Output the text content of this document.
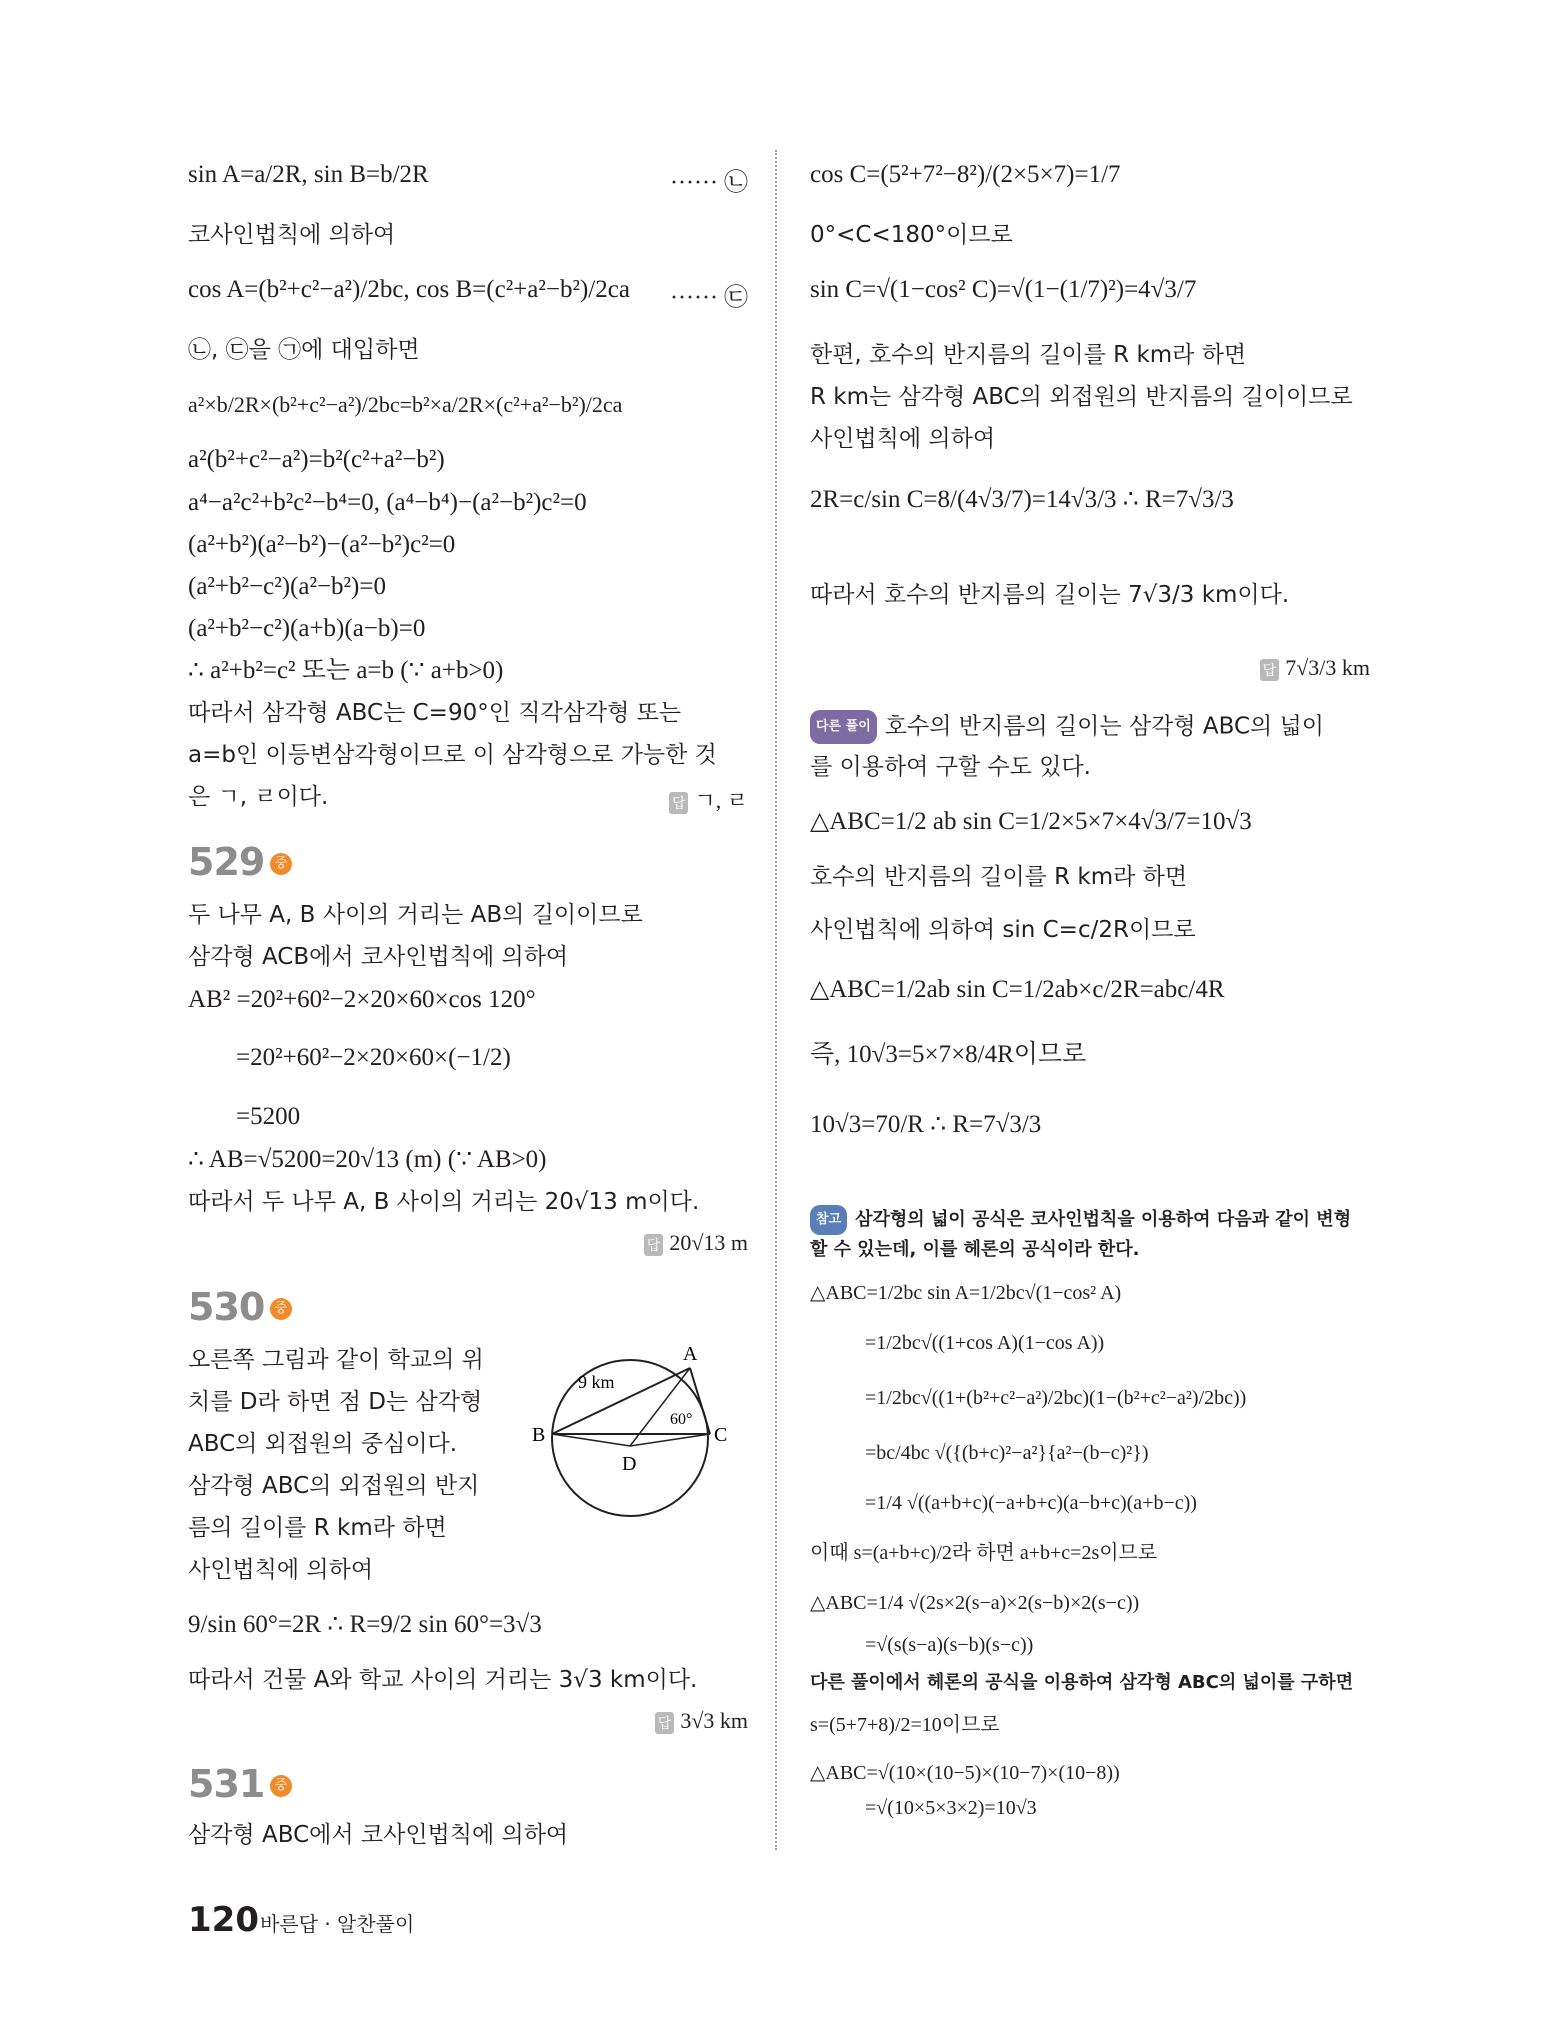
sin A=a/2R, sin B=b/2R	······ ㉡
코사인법칙에 의하여
cos A=(b²+c²−a²)/2bc, cos B=(c²+a²−b²)/2ca ······ ㉢
㉡, ㉢을 ㉠에 대입하면
a²×b/2R×(b²+c²−a²)/2bc=b²×a/2R×(c²+a²−b²)/2ca
a²(b²+c²−a²)=b²(c²+a²−b²)
a⁴−a²c²+b²c²−b⁴=0, (a⁴−b⁴)−(a²−b²)c²=0
(a²+b²)(a²−b²)−(a²−b²)c²=0
(a²+b²−c²)(a²−b²)=0
(a²+b²−c²)(a+b)(a−b)=0
∴ a²+b²=c² 또는 a=b (∵ a+b>0)
따라서 삼각형 ABC는 C=90°인 직각삼각형 또는
a=b인 이등변삼각형이므로 이 삼각형으로 가능한 것
은 ㄱ, ㄹ이다.	답 ㄱ, ㄹ
529 중
두 나무 A, B 사이의 거리는 AB의 길이이므로
삼각형 ACB에서 코사인법칙에 의하여
AB² =20²+60²−2×20×60×cos 120°
=20²+60²−2×20×60×(−1/2)
=5200
∴ AB=√5200=20√13 (m) (∵ AB>0)
따라서 두 나무 A, B 사이의 거리는 20√13 m이다.
답 20√13 m
530 중
오른쪽 그림과 같이 학교의 위
치를 D라 하면 점 D는 삼각형
ABC의 외접원의 중심이다.
삼각형 ABC의 외접원의 반지
름의 길이를 R km라 하면
사인법칙에 의하여
9/sin 60°=2R ∴ R=9/2 sin 60°=3√3
따라서 건물 A와 학교 사이의 거리는 3√3 km이다.
답 3√3 km
531 중
삼각형 ABC에서 코사인법칙에 의하여
A
B	C
D
9 km
60°
cos C=(5²+7²−8²)/(2×5×7)=1/7
0°<C<180°이므로
sin C=√(1−cos² C)=√(1−(1/7)²)=4√3/7
한편, 호수의 반지름의 길이를 R km라 하면
R km는 삼각형 ABC의 외접원의 반지름의 길이이므로
사인법칙에 의하여
2R=c/sin C=8/(4√3/7)=14√3/3 ∴ R=7√3/3
따라서 호수의 반지름의 길이는 7√3/3 km이다.
답 7√3/3 km
다른 풀이 호수의 반지름의 길이는 삼각형 ABC의 넓이
를 이용하여 구할 수도 있다.
△ABC=1/2 ab sin C=1/2×5×7×4√3/7=10√3
호수의 반지름의 길이를 R km라 하면
사인법칙에 의하여 sin C=c/2R이므로
△ABC=1/2ab sin C=1/2ab×c/2R=abc/4R
즉, 10√3=5×7×8/4R이므로
10√3=70/R ∴ R=7√3/3
참고 삼각형의 넓이 공식은 코사인법칙을 이용하여 다음과 같이 변형
할 수 있는데, 이를 헤론의 공식이라 한다.
△ABC=1/2bc sin A=1/2bc√(1−cos² A)
=1/2bc√((1+cos A)(1−cos A))
=1/2bc√((1+(b²+c²−a²)/2bc)(1−(b²+c²−a²)/2bc))
=bc/4bc √({(b+c)²−a²}{a²−(b−c)²})
=1/4 √((a+b+c)(−a+b+c)(a−b+c)(a+b−c))
이때 s=(a+b+c)/2라 하면 a+b+c=2s이므로
△ABC=1/4 √(2s×2(s−a)×2(s−b)×2(s−c))
=√(s(s−a)(s−b)(s−c))
다른 풀이에서 헤론의 공식을 이용하여 삼각형 ABC의 넓이를 구하면
s=(5+7+8)/2=10이므로
△ABC=√(10×(10−5)×(10−7)×(10−8))
=√(10×5×3×2)=10√3
120 바른답 · 알찬풀이
